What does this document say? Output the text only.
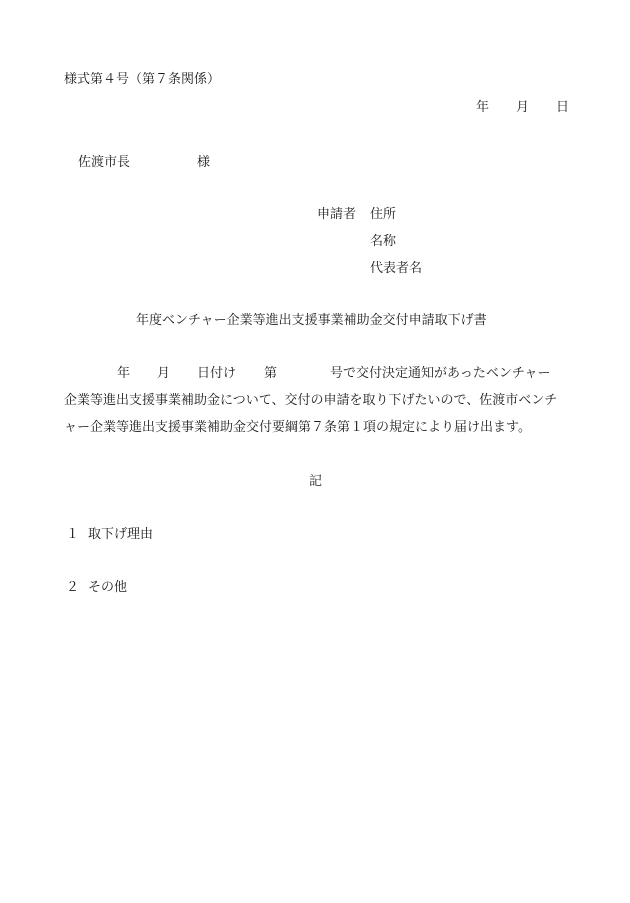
様式第４号（第７条関係）
年 月 日
佐渡市長	様
申請者 住所
名称
代表者名
年度ベンチャー企業等進出支援事業補助金交付申請取下げ書
年 月 日付け 第	号で交付決定通知があったベンチャー
企業等進出支援事業補助金について、交付の申請を取り下げたいので、佐渡市ベンチ
ャー企業等進出支援事業補助金交付要綱第７条第１項の規定により届け出ます。
記
１ 取下げ理由
２ その他
